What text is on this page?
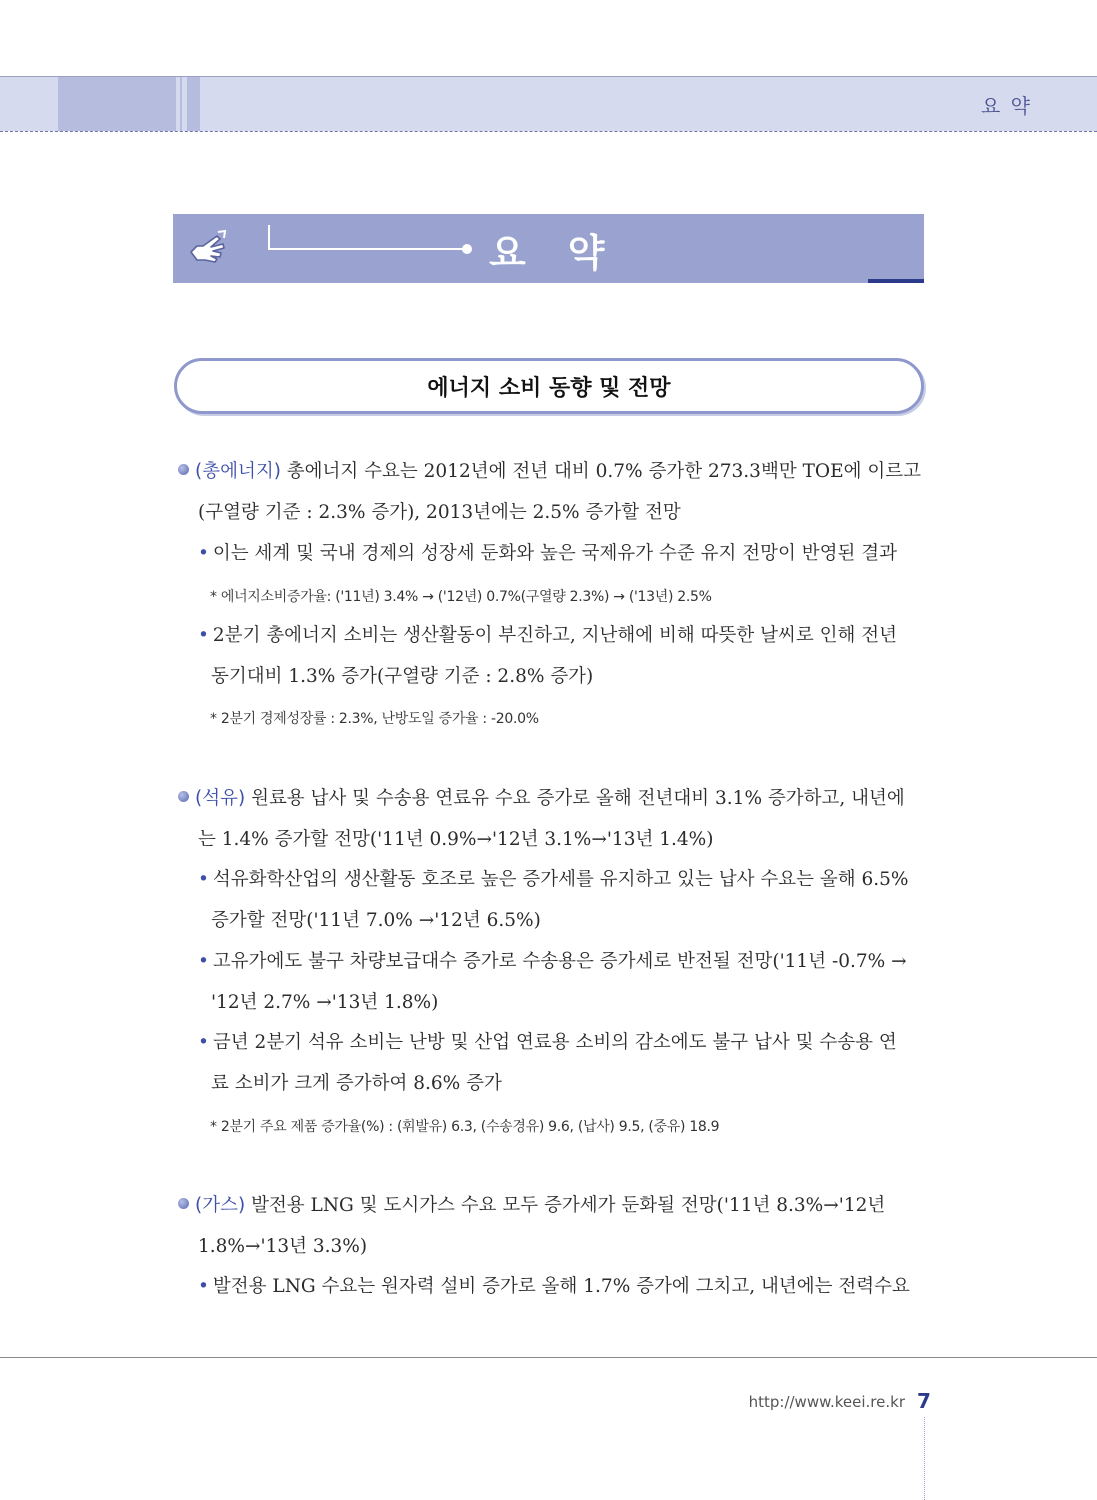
요 약
요약
에너지 소비 동향 및 전망
(총에너지) 총에너지 수요는 2012년에 전년 대비 0.7% 증가한 273.3백만 TOE에 이르고
(구열량 기준 : 2.3% 증가), 2013년에는 2.5% 증가할 전망
• 이는 세계 및 국내 경제의 성장세 둔화와 높은 국제유가 수준 유지 전망이 반영된 결과
* 에너지소비증가율: ('11년) 3.4% → ('12년) 0.7%(구열량 2.3%) → ('13년) 2.5%
• 2분기 총에너지 소비는 생산활동이 부진하고, 지난해에 비해 따뜻한 날씨로 인해 전년
동기대비 1.3% 증가(구열량 기준 : 2.8% 증가)
* 2분기 경제성장률 : 2.3%, 난방도일 증가율 : -20.0%
(석유) 원료용 납사 및 수송용 연료유 수요 증가로 올해 전년대비 3.1% 증가하고, 내년에
는 1.4% 증가할 전망('11년 0.9%→'12년 3.1%→'13년 1.4%)
• 석유화학산업의 생산활동 호조로 높은 증가세를 유지하고 있는 납사 수요는 올해 6.5%
증가할 전망('11년 7.0% →'12년 6.5%)
• 고유가에도 불구 차량보급대수 증가로 수송용은 증가세로 반전될 전망('11년 -0.7% →
'12년 2.7% →'13년 1.8%)
• 금년 2분기 석유 소비는 난방 및 산업 연료용 소비의 감소에도 불구 납사 및 수송용 연
료 소비가 크게 증가하여 8.6% 증가
* 2분기 주요 제품 증가율(%) : (휘발유) 6.3, (수송경유) 9.6, (납사) 9.5, (중유) 18.9
(가스) 발전용 LNG 및 도시가스 수요 모두 증가세가 둔화될 전망('11년 8.3%→'12년
1.8%→'13년 3.3%)
• 발전용 LNG 수요는 원자력 설비 증가로 올해 1.7% 증가에 그치고, 내년에는 전력수요
http://www.keei.re.kr 7
